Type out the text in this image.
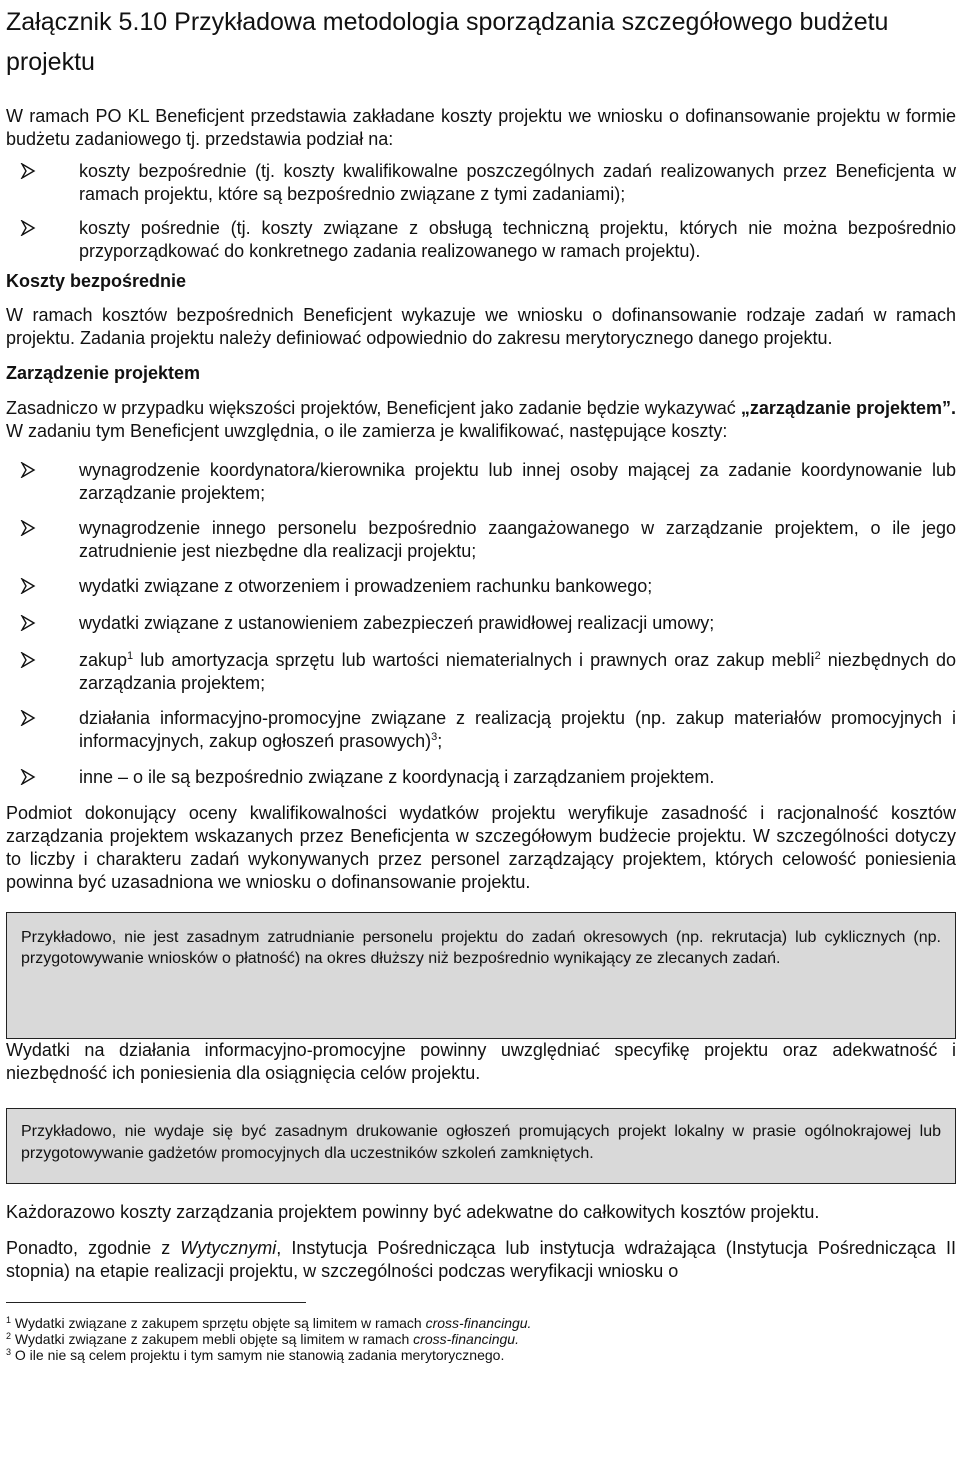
Załącznik 5.10 Przykładowa metodologia sporządzania szczegółowego budżetu projektu

W ramach PO KL Beneficjent przedstawia zakładane koszty projektu we wniosku o dofinansowanie projektu w formie budżetu zadaniowego tj. przedstawia podział na:

koszty bezpośrednie (tj. koszty kwalifikowalne poszczególnych zadań realizowanych przez Beneficjenta w ramach projektu, które są bezpośrednio związane z tymi zadaniami);
koszty pośrednie (tj. koszty związane z obsługą techniczną projektu, których nie można bezpośrednio przyporządkować do konkretnego zadania realizowanego w ramach projektu).

Koszty bezpośrednie

W ramach kosztów bezpośrednich Beneficjent wykazuje we wniosku o dofinansowanie rodzaje zadań w ramach projektu. Zadania projektu należy definiować odpowiednio do zakresu merytorycznego danego projektu.

Zarządzenie projektem

Zasadniczo w przypadku większości projektów, Beneficjent jako zadanie będzie wykazywać „zarządzanie projektem”. W zadaniu tym Beneficjent uwzględnia, o ile zamierza je kwalifikować, następujące koszty:

wynagrodzenie koordynatora/kierownika projektu lub innej osoby mającej za zadanie koordynowanie lub zarządzanie projektem;
wynagrodzenie innego personelu bezpośrednio zaangażowanego w zarządzanie projektem, o ile jego zatrudnienie jest niezbędne dla realizacji projektu;
wydatki związane z otworzeniem i prowadzeniem rachunku bankowego;
wydatki związane z ustanowieniem zabezpieczeń prawidłowej realizacji umowy;
zakup$^1$ lub amortyzacja sprzętu lub wartości niematerialnych i prawnych oraz zakup mebli$^2$ niezbędnych do zarządzania projektem;
działania informacyjno-promocyjne związane z realizacją projektu (np. zakup materiałów promocyjnych i informacyjnych, zakup ogłoszeń prasowych)$^3$;
inne – o ile są bezpośrednio związane z koordynacją i zarządzaniem projektem.

Podmiot dokonujący oceny kwalifikowalności wydatków projektu weryfikuje zasadność i racjonalność kosztów zarządzania projektem wskazanych przez Beneficjenta w szczegółowym budżecie projektu. W szczególności dotyczy to liczby i charakteru zadań wykonywanych przez personel zarządzający projektem, których celowość poniesienia powinna być uzasadniona we wniosku o dofinansowanie projektu.

Przykładowo, nie jest zasadnym zatrudnianie personelu projektu do zadań okresowych (np. rekrutacja) lub cyklicznych (np. przygotowywanie wniosków o płatność) na okres dłuższy niż bezpośrednio wynikający ze zlecanych zadań.

Wydatki na działania informacyjno-promocyjne powinny uwzględniać specyfikę projektu oraz adekwatność i niezbędność ich poniesienia dla osiągnięcia celów projektu.

Przykładowo, nie wydaje się być zasadnym drukowanie ogłoszeń promujących projekt lokalny w prasie ogólnokrajowej lub przygotowywanie gadżetów promocyjnych dla uczestników szkoleń zamkniętych.

Każdorazowo koszty zarządzania projektem powinny być adekwatne do całkowitych kosztów projektu.

Ponadto, zgodnie z Wytycznymi, Instytucja Pośrednicząca lub instytucja wdrażająca (Instytucja Pośrednicząca II stopnia) na etapie realizacji projektu, w szczególności podczas weryfikacji wniosku o

$^1$ Wydatki związane z zakupem sprzętu objęte są limitem w ramach cross-financingu.

$^2$ Wydatki związane z zakupem mebli objęte są limitem w ramach cross-financingu.

$^3$ O ile nie są celem projektu i tym samym nie stanowią zadania merytorycznego.
